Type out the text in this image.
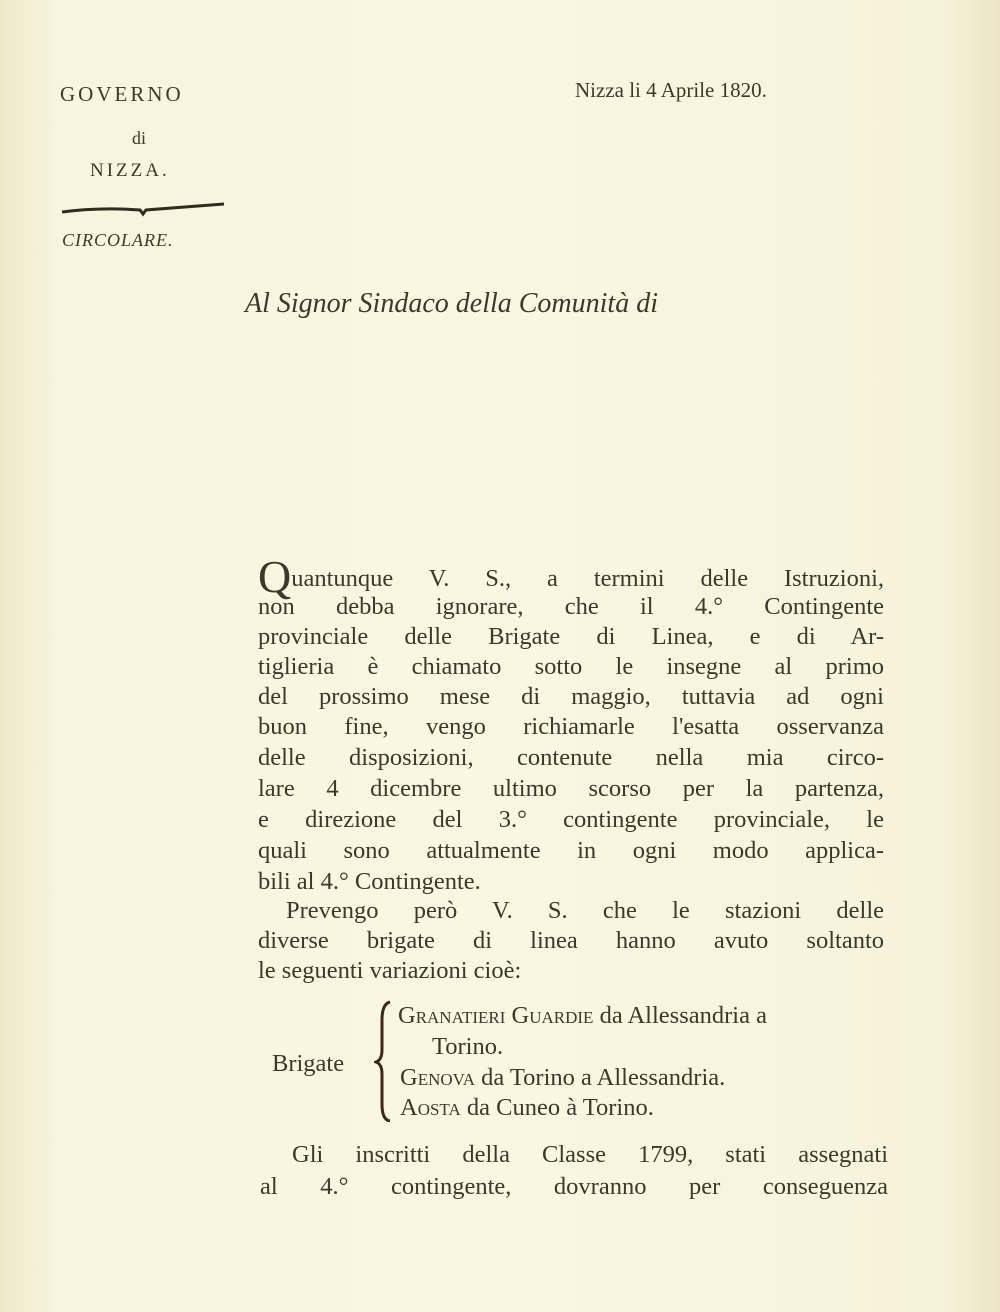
GOVERNO
di
NIZZA.
CIRCOLARE.
Nizza li 4 Aprile 1820.
Al Signor Sindaco della Comunità di
Quantunque V. S., a termini delle Istruzioni,
non debba ignorare, che il 4.° Contingente
provinciale delle Brigate di Linea, e di Ar-
tiglieria è chiamato sotto le insegne al primo
del prossimo mese di maggio, tuttavia ad ogni
buon fine, vengo richiamarle l'esatta osservanza
delle disposizioni, contenute nella mia circo-
lare 4 dicembre ultimo scorso per la partenza,
e direzione del 3.° contingente provinciale, le
quali sono attualmente in ogni modo applica-
bili al 4.° Contingente.
Prevengo però V. S. che le stazioni delle
diverse brigate di linea hanno avuto soltanto
le seguenti variazioni cioè:
Brigate
Granatieri Guardie da Allessandria a
Torino.
Genova da Torino a Allessandria.
Aosta da Cuneo à Torino.
Gli inscritti della Classe 1799, stati assegnati
al 4.° contingente, dovranno per conseguenza
